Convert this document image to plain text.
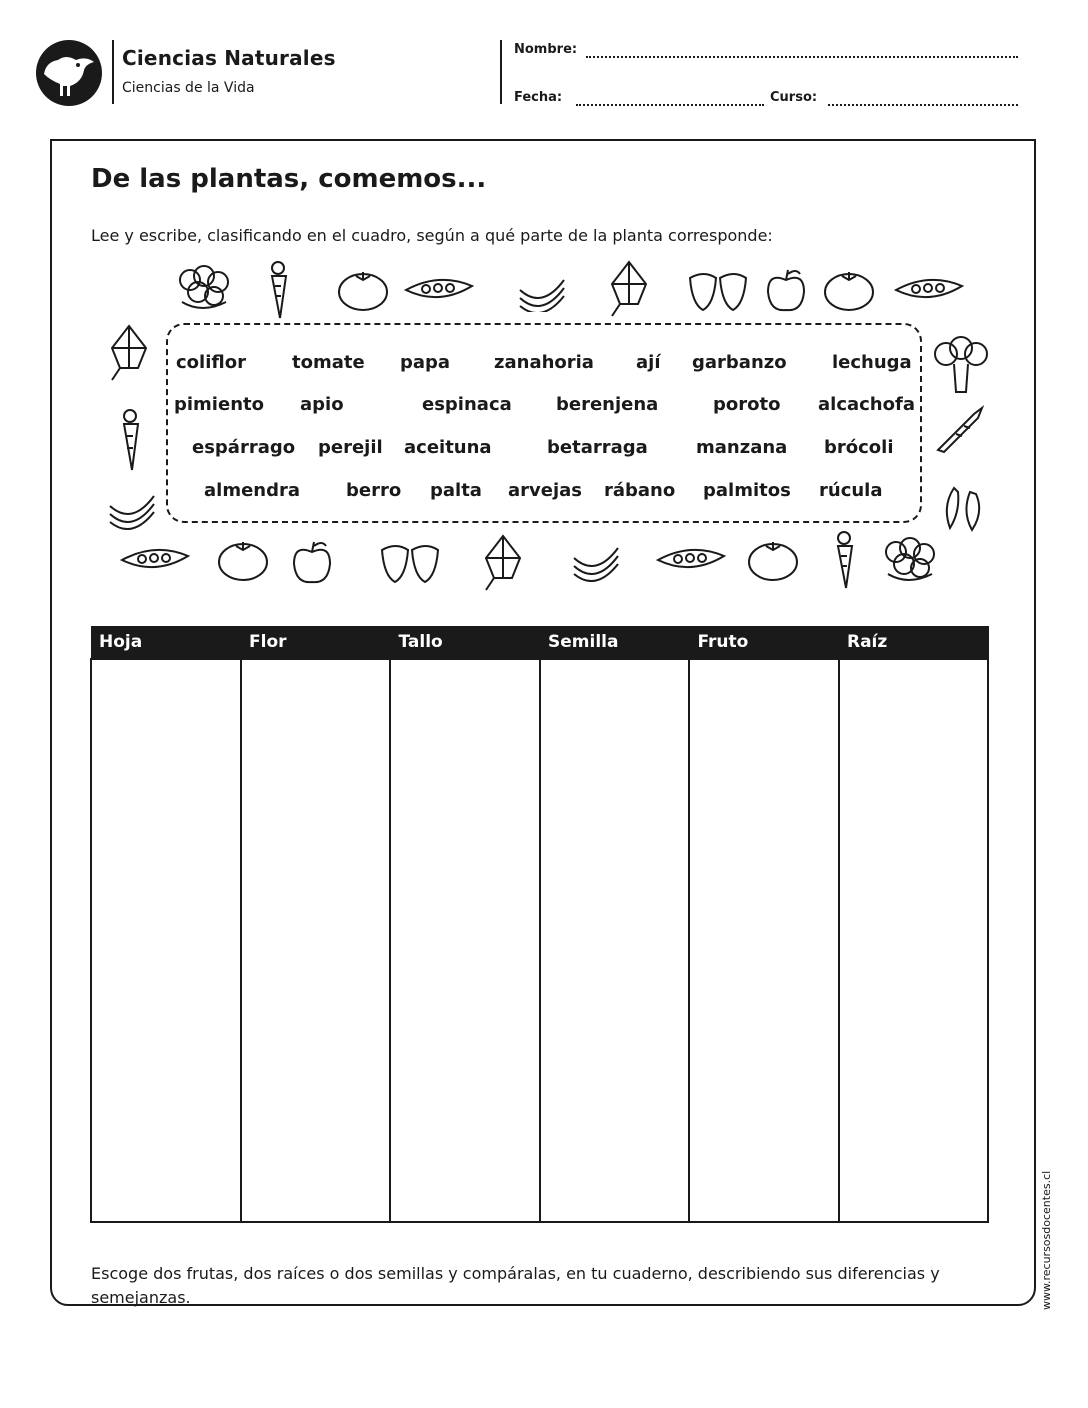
Ciencias Naturales
Ciencias de la Vida
Nombre:
Fecha:	Curso:
De las plantas, comemos...
Lee y escribe, clasificando en el cuadro, según a qué parte de la planta corresponde:
coliflor	tomate papa zanahoria ají garbanzo	lechuga
pimiento apio	espinaca berenjena	poroto alcachofa
espárrago perejil aceituna	betarraga	manzana brócoli
almendra	berro palta arvejas rábano palmitos rúcula
Hoja	Flor	Tallo	Semilla	Fruto	Raíz

Escoge dos frutas, dos raíces o dos semillas y compáralas, en tu cuaderno, describiendo sus diferencias y semejanzas.	www.recursosdocentes.cl
